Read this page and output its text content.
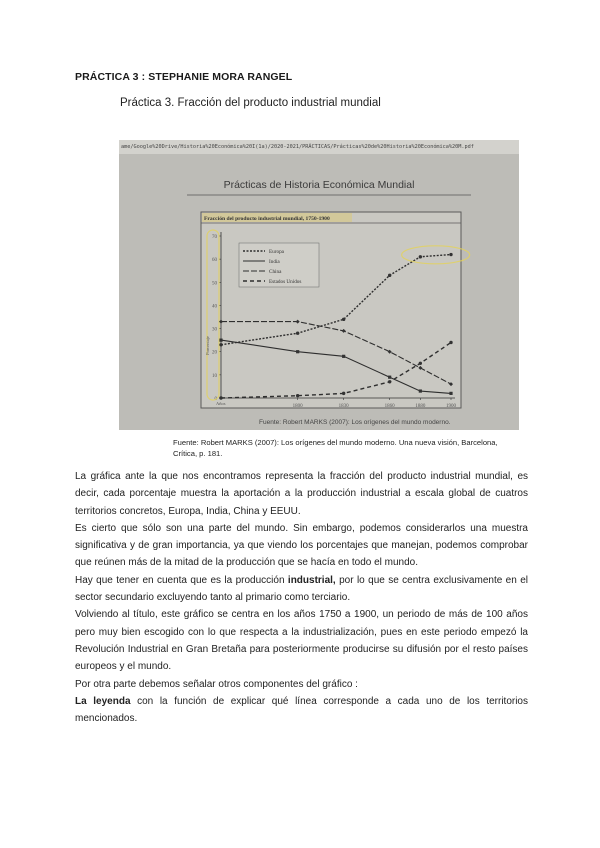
PRÁCTICA 3 : STEPHANIE MORA RANGEL
Práctica 3. Fracción del producto industrial mundial
ame/Google%20Drive/Historia%20Económica%20I(1a)/2020-2021/PRÁCTICAS/Prácticas%20de%20Historia%20Económica%20M.pdf
Prácticas de Historia Económica Mundial
Fracción del producto industrial mundial, 1750-1900
70
60
50
40
30
20
10
0
1800	1830	1860	1880	1900
Europa
India
China
Estados Unidos
Años
Porcentaje
Fuente: Robert MARKS (2007): Los orígenes del mundo moderno.
Fuente: Robert MARKS (2007): Los orígenes del mundo moderno. Una nueva visión, Barcelona, Crítica, p. 181.

La gráfica ante la que nos encontramos representa la fracción del producto industrial mundial, es decir, cada porcentaje muestra la aportación a la producción industrial a escala global de cuatros territorios concretos, Europa, India, China y EEUU.

Es cierto que sólo son una parte del mundo. Sin embargo, podemos considerarlos una muestra significativa y de gran importancia, ya que viendo los porcentajes que manejan, podemos comprobar que reúnen más de la mitad de la producción que se hacía en todo el mundo.

Hay que tener en cuenta que es la producción industrial, por lo que se centra exclusivamente en el sector secundario excluyendo tanto al primario como terciario.

Volviendo al título, este gráfico se centra en los años 1750 a 1900, un periodo de más de 100 años pero muy bien escogido con lo que respecta a la industrialización, pues en este periodo empezó la Revolución Industrial en Gran Bretaña para posteriormente producirse su difusión por el resto países europeos y el mundo.

Por otra parte debemos señalar otros componentes del gráfico :

La leyenda con la función de explicar qué línea corresponde a cada uno de los territorios mencionados.
